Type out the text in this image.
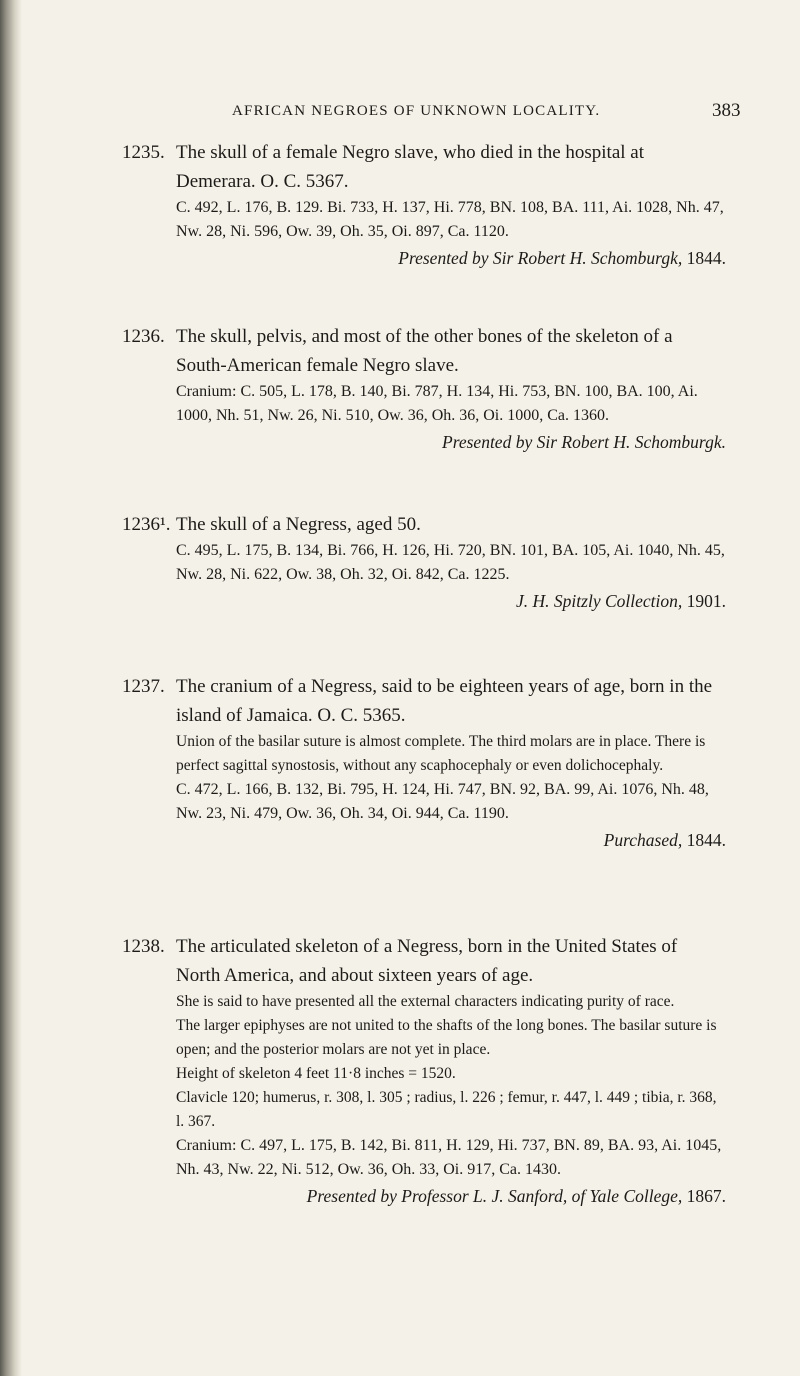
AFRICAN NEGROES OF UNKNOWN LOCALITY.	383
1235. The skull of a female Negro slave, who died in the hospital at Demerara. O. C. 5367.
C. 492, L. 176, B. 129. Bi. 733, H. 137, Hi. 778, BN. 108, BA. 111, Ai. 1028, Nh. 47, Nw. 28, Ni. 596, Ow. 39, Oh. 35, Oi. 897, Ca. 1120.
Presented by Sir Robert H. Schomburgk, 1844.
1236. The skull, pelvis, and most of the other bones of the skeleton of a South-American female Negro slave.
Cranium: C. 505, L. 178, B. 140, Bi. 787, H. 134, Hi. 753, BN. 100, BA. 100, Ai. 1000, Nh. 51, Nw. 26, Ni. 510, Ow. 36, Oh. 36, Oi. 1000, Ca. 1360.
Presented by Sir Robert H. Schomburgk.
1236¹. The skull of a Negress, aged 50.
C. 495, L. 175, B. 134, Bi. 766, H. 126, Hi. 720, BN. 101, BA. 105, Ai. 1040, Nh. 45, Nw. 28, Ni. 622, Ow. 38, Oh. 32, Oi. 842, Ca. 1225.
J. H. Spitzly Collection, 1901.
1237. The cranium of a Negress, said to be eighteen years of age, born in the island of Jamaica. O. C. 5365.
Union of the basilar suture is almost complete. The third molars are in place. There is perfect sagittal synostosis, without any scaphocephaly or even dolichocephaly.
C. 472, L. 166, B. 132, Bi. 795, H. 124, Hi. 747, BN. 92, BA. 99, Ai. 1076, Nh. 48, Nw. 23, Ni. 479, Ow. 36, Oh. 34, Oi. 944, Ca. 1190.
Purchased, 1844.
1238. The articulated skeleton of a Negress, born in the United States of North America, and about sixteen years of age.
She is said to have presented all the external characters indicating purity of race.
The larger epiphyses are not united to the shafts of the long bones. The basilar suture is open; and the posterior molars are not yet in place.
Height of skeleton 4 feet 11·8 inches = 1520.
Clavicle 120; humerus, r. 308, l. 305 ; radius, l. 226 ; femur, r. 447, l. 449 ; tibia, r. 368, l. 367.
Cranium: C. 497, L. 175, B. 142, Bi. 811, H. 129, Hi. 737, BN. 89, BA. 93, Ai. 1045, Nh. 43, Nw. 22, Ni. 512, Ow. 36, Oh. 33, Oi. 917, Ca. 1430.
Presented by Professor L. J. Sanford, of Yale College, 1867.
